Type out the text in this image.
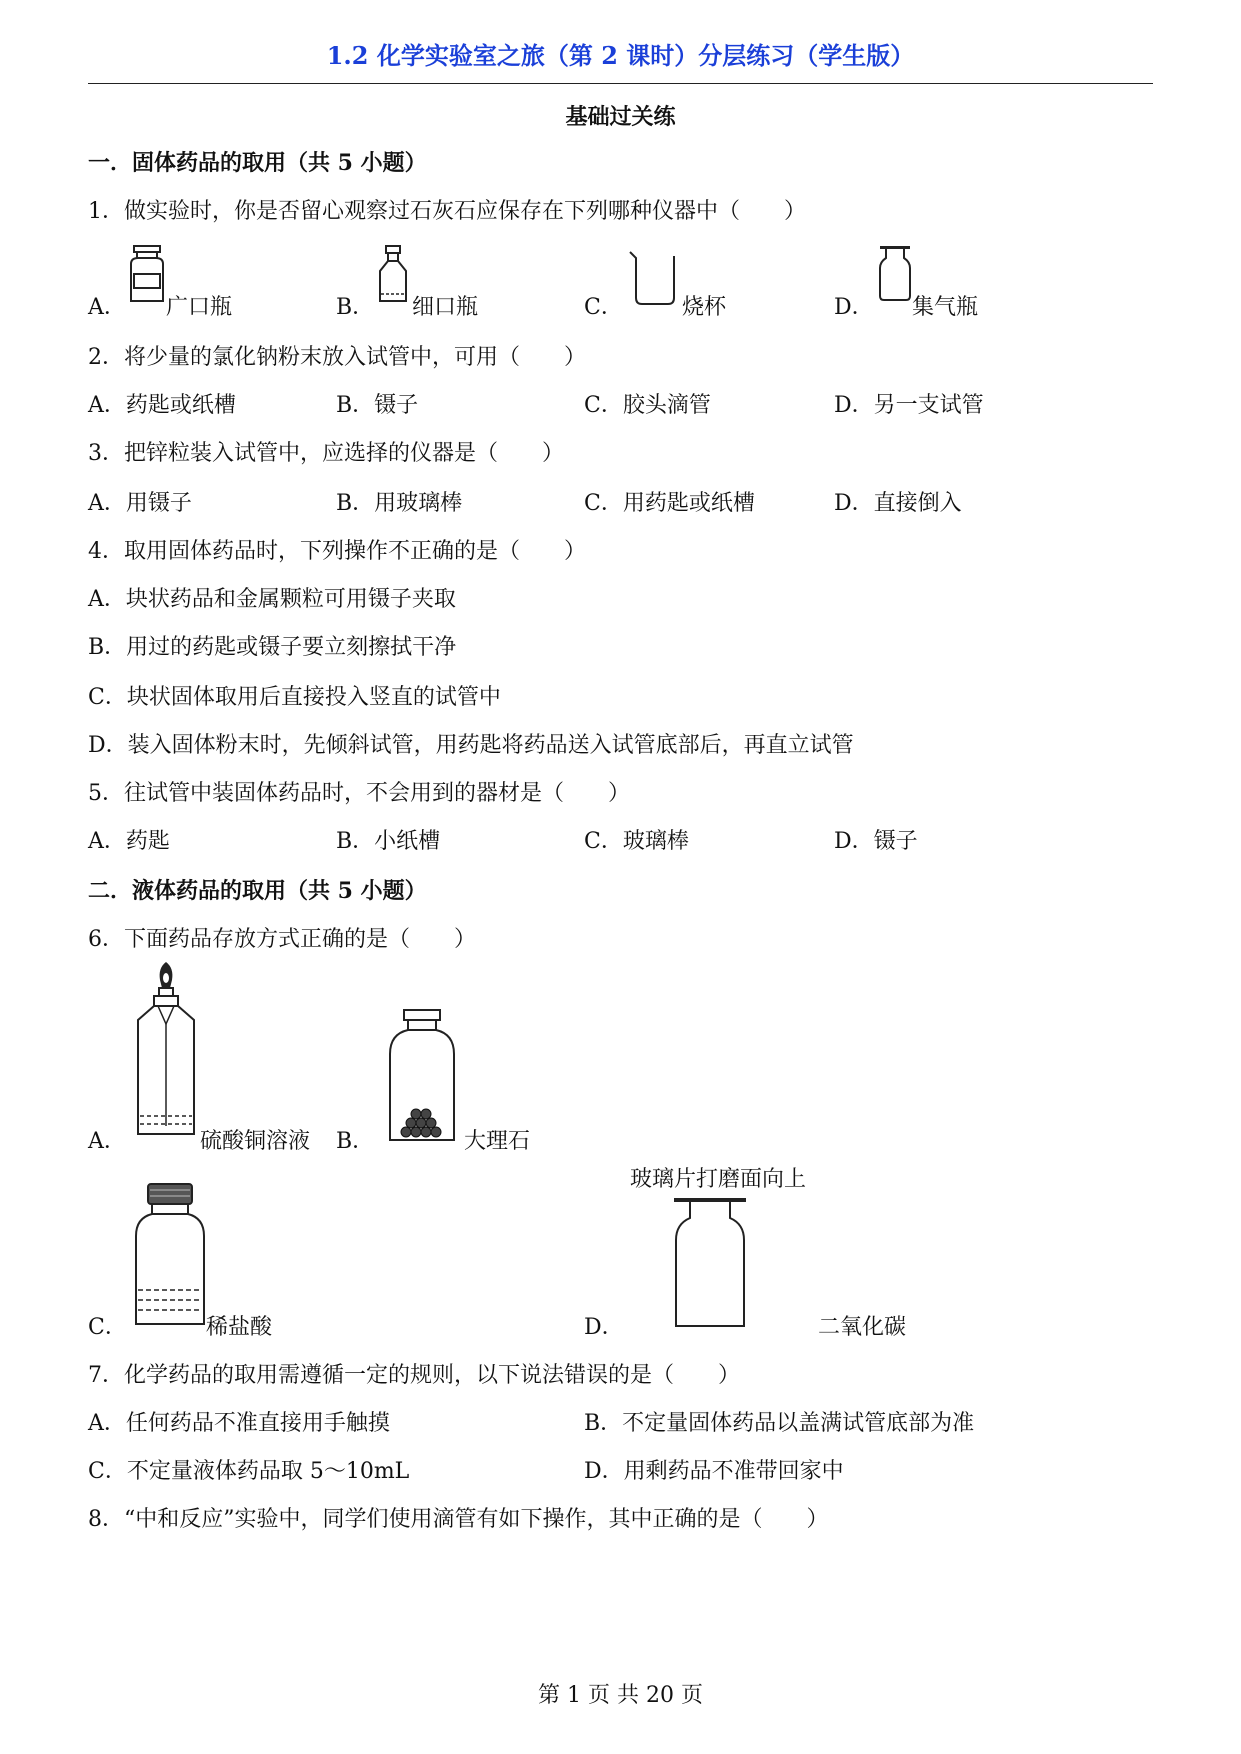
1.2 化学实验室之旅（第 2 课时）分层练习（学生版）
基础过关练
一．固体药品的取用（共 5 小题）
1．做实验时，你是否留心观察过石灰石应保存在下列哪种仪器中（　　）
A． 广口瓶	B． 细口瓶	C．	烧杯	D． 集气瓶
2．将少量的氯化钠粉末放入试管中，可用（　　）
A．药匙或纸槽	B．镊子	C．胶头滴管	D．另一支试管
3．把锌粒装入试管中，应选择的仪器是（　　）
A．用镊子	B．用玻璃棒	C．用药匙或纸槽	D．直接倒入
4．取用固体药品时，下列操作不正确的是（　　）
A．块状药品和金属颗粒可用镊子夹取
B．用过的药匙或镊子要立刻擦拭干净
C．块状固体取用后直接投入竖直的试管中
D．装入固体粉末时，先倾斜试管，用药匙将药品送入试管底部后，再直立试管
5．往试管中装固体药品时，不会用到的器材是（　　）
A．药匙	B．小纸槽	C．玻璃棒	D．镊子
二．液体药品的取用（共 5 小题）
6．下面药品存放方式正确的是（　　）
A．	硫酸铜溶液 B．	大理石
C．	稀盐酸
玻璃片打磨面向上
D．	二氧化碳
7．化学药品的取用需遵循一定的规则，以下说法错误的是（　　）
A．任何药品不准直接用手触摸	B．不定量固体药品以盖满试管底部为准
C．不定量液体药品取 5～10mL	D．用剩药品不准带回家中
8．“中和反应”实验中，同学们使用滴管有如下操作，其中正确的是（　　）
第 1 页 共 20 页
